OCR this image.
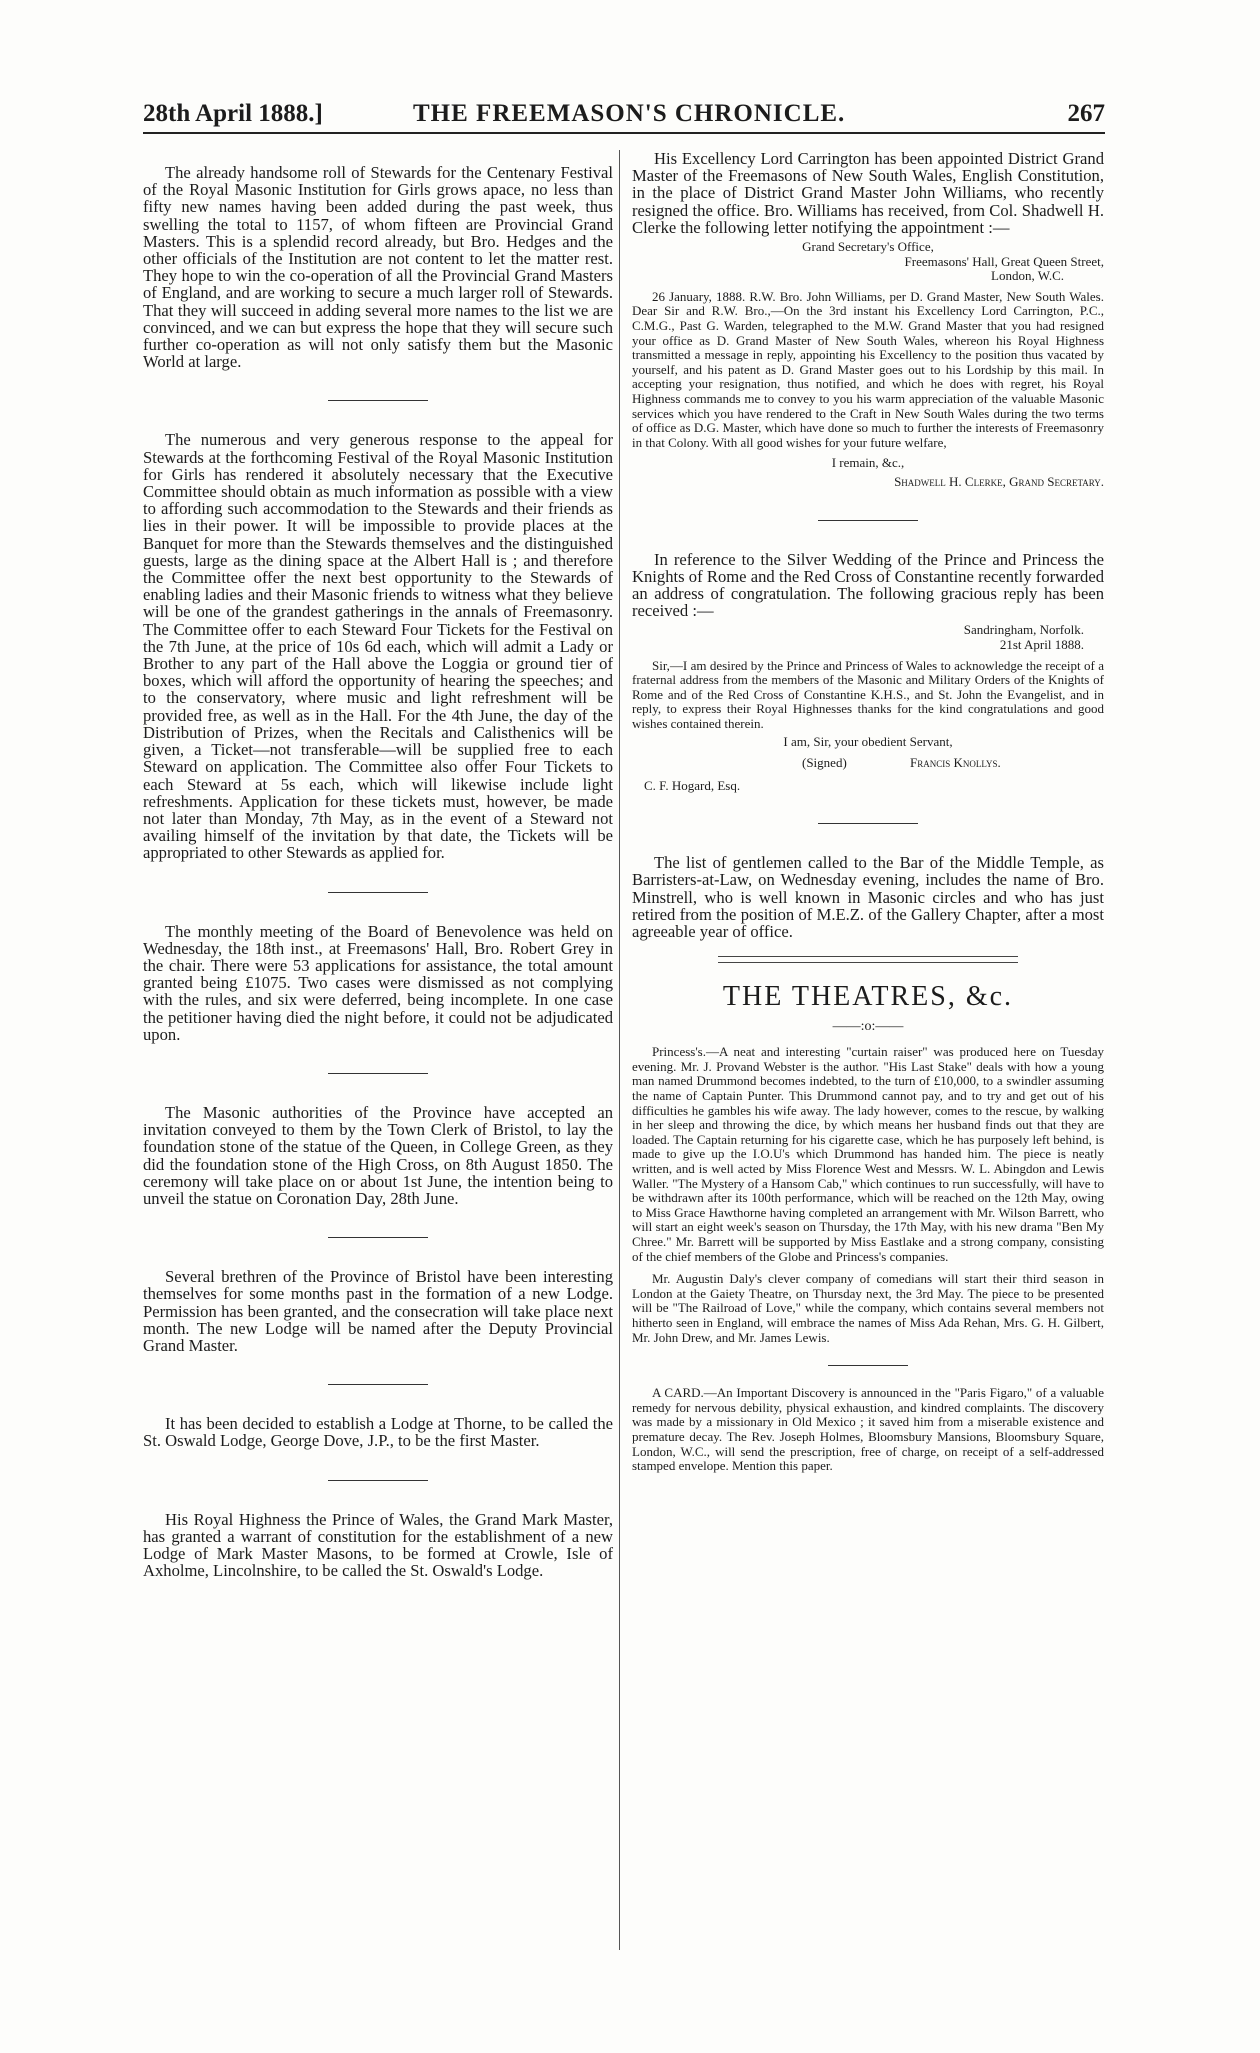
28th April 1888.]	THE FREEMASON'S CHRONICLE.	267

The already handsome roll of Stewards for the Centenary Festival of the Royal Masonic Institution for Girls grows apace, no less than fifty new names having been added during the past week, thus swelling the total to 1157, of whom fifteen are Provincial Grand Masters. This is a splendid record already, but Bro. Hedges and the other officials of the Institution are not content to let the matter rest. They hope to win the co-operation of all the Provincial Grand Masters of England, and are working to secure a much larger roll of Stewards. That they will succeed in adding several more names to the list we are convinced, and we can but express the hope that they will secure such further co-operation as will not only satisfy them but the Masonic World at large.

The numerous and very generous response to the appeal for Stewards at the forthcoming Festival of the Royal Masonic Institution for Girls has rendered it absolutely necessary that the Executive Committee should obtain as much information as possible with a view to affording such accommodation to the Stewards and their friends as lies in their power. It will be impossible to provide places at the Banquet for more than the Stewards themselves and the distinguished guests, large as the dining space at the Albert Hall is ; and therefore the Committee offer the next best opportunity to the Stewards of enabling ladies and their Masonic friends to witness what they believe will be one of the grandest gatherings in the annals of Freemasonry. The Committee offer to each Steward Four Tickets for the Festival on the 7th June, at the price of 10s 6d each, which will admit a Lady or Brother to any part of the Hall above the Loggia or ground tier of boxes, which will afford the opportunity of hearing the speeches; and to the conservatory, where music and light refreshment will be provided free, as well as in the Hall. For the 4th June, the day of the Distribution of Prizes, when the Recitals and Calisthenics will be given, a Ticket—not transferable—will be supplied free to each Steward on application. The Committee also offer Four Tickets to each Steward at 5s each, which will likewise include light refreshments. Application for these tickets must, however, be made not later than Monday, 7th May, as in the event of a Steward not availing himself of the invitation by that date, the Tickets will be appropriated to other Stewards as applied for.

The monthly meeting of the Board of Benevolence was held on Wednesday, the 18th inst., at Freemasons' Hall, Bro. Robert Grey in the chair. There were 53 applications for assistance, the total amount granted being £1075. Two cases were dismissed as not complying with the rules, and six were deferred, being incomplete. In one case the petitioner having died the night before, it could not be adjudicated upon.

The Masonic authorities of the Province have accepted an invitation conveyed to them by the Town Clerk of Bristol, to lay the foundation stone of the statue of the Queen, in College Green, as they did the foundation stone of the High Cross, on 8th August 1850. The ceremony will take place on or about 1st June, the intention being to unveil the statue on Coronation Day, 28th June.

Several brethren of the Province of Bristol have been interesting themselves for some months past in the formation of a new Lodge. Permission has been granted, and the consecration will take place next month. The new Lodge will be named after the Deputy Provincial Grand Master.

It has been decided to establish a Lodge at Thorne, to be called the St. Oswald Lodge, George Dove, J.P., to be the first Master.

His Royal Highness the Prince of Wales, the Grand Mark Master, has granted a warrant of constitution for the establishment of a new Lodge of Mark Master Masons, to be formed at Crowle, Isle of Axholme, Lincolnshire, to be called the St. Oswald's Lodge.

His Excellency Lord Carrington has been appointed District Grand Master of the Freemasons of New South Wales, English Constitution, in the place of District Grand Master John Williams, who recently resigned the office. Bro. Williams has received, from Col. Shadwell H. Clerke the following letter notifying the appointment :—

Grand Secretary's Office,

Freemasons' Hall, Great Queen Street,

London, W.C.

26 January, 1888. R.W. Bro. John Williams, per D. Grand Master, New South Wales. Dear Sir and R.W. Bro.,—On the 3rd instant his Excellency Lord Carrington, P.C., C.M.G., Past G. Warden, telegraphed to the M.W. Grand Master that you had resigned your office as D. Grand Master of New South Wales, whereon his Royal Highness transmitted a message in reply, appointing his Excellency to the position thus vacated by yourself, and his patent as D. Grand Master goes out to his Lordship by this mail. In accepting your resignation, thus notified, and which he does with regret, his Royal Highness commands me to convey to you his warm appreciation of the valuable Masonic services which you have rendered to the Craft in New South Wales during the two terms of office as D.G. Master, which have done so much to further the interests of Freemasonry in that Colony. With all good wishes for your future welfare,

I remain, &c.,

Shadwell H. Clerke, Grand Secretary.

In reference to the Silver Wedding of the Prince and Princess the Knights of Rome and the Red Cross of Constantine recently forwarded an address of congratulation. The following gracious reply has been received :—

Sandringham, Norfolk.

21st April 1888.

Sir,—I am desired by the Prince and Princess of Wales to acknowledge the receipt of a fraternal address from the members of the Masonic and Military Orders of the Knights of Rome and of the Red Cross of Constantine K.H.S., and St. John the Evangelist, and in reply, to express their Royal Highnesses thanks for the kind congratulations and good wishes contained therein.

I am, Sir, your obedient Servant,

(Signed)	Francis Knollys.

C. F. Hogard, Esq.

The list of gentlemen called to the Bar of the Middle Temple, as Barristers-at-Law, on Wednesday evening, includes the name of Bro. Minstrell, who is well known in Masonic circles and who has just retired from the position of M.E.Z. of the Gallery Chapter, after a most agreeable year of office.

THE THEATRES, &c.
——:o:——

Princess's.—A neat and interesting "curtain raiser" was produced here on Tuesday evening. Mr. J. Provand Webster is the author. "His Last Stake" deals with how a young man named Drummond becomes indebted, to the turn of £10,000, to a swindler assuming the name of Captain Punter. This Drummond cannot pay, and to try and get out of his difficulties he gambles his wife away. The lady however, comes to the rescue, by walking in her sleep and throwing the dice, by which means her husband finds out that they are loaded. The Captain returning for his cigarette case, which he has purposely left behind, is made to give up the I.O.U's which Drummond has handed him. The piece is neatly written, and is well acted by Miss Florence West and Messrs. W. L. Abingdon and Lewis Waller. "The Mystery of a Hansom Cab," which continues to run successfully, will have to be withdrawn after its 100th performance, which will be reached on the 12th May, owing to Miss Grace Hawthorne having completed an arrangement with Mr. Wilson Barrett, who will start an eight week's season on Thursday, the 17th May, with his new drama "Ben My Chree." Mr. Barrett will be supported by Miss Eastlake and a strong company, consisting of the chief members of the Globe and Princess's companies.

Mr. Augustin Daly's clever company of comedians will start their third season in London at the Gaiety Theatre, on Thursday next, the 3rd May. The piece to be presented will be "The Railroad of Love," while the company, which contains several members not hitherto seen in England, will embrace the names of Miss Ada Rehan, Mrs. G. H. Gilbert, Mr. John Drew, and Mr. James Lewis.

A CARD.—An Important Discovery is announced in the "Paris Figaro," of a valuable remedy for nervous debility, physical exhaustion, and kindred complaints. The discovery was made by a missionary in Old Mexico ; it saved him from a miserable existence and premature decay. The Rev. Joseph Holmes, Bloomsbury Mansions, Bloomsbury Square, London, W.C., will send the prescription, free of charge, on receipt of a self-addressed stamped envelope. Mention this paper.
